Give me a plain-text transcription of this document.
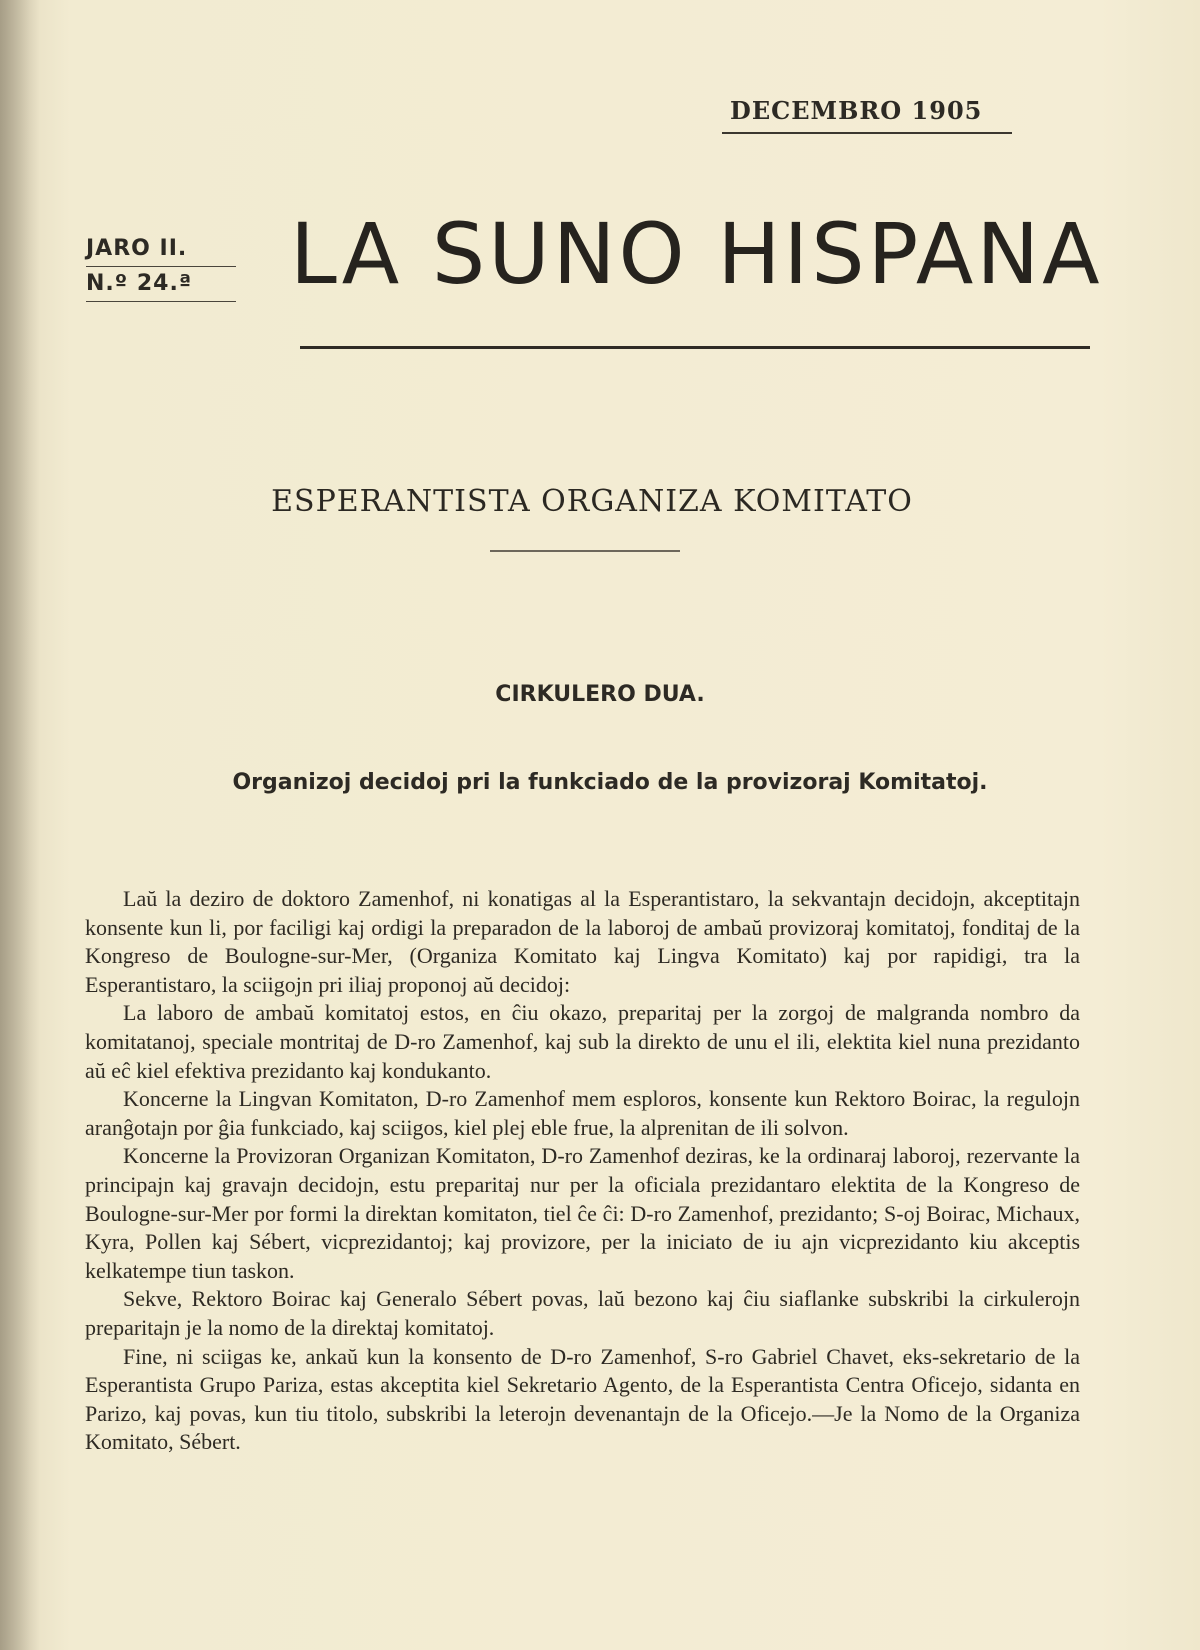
DECEMBRO 1905
JARO II.
N.º 24.ª	LA SUNO HISPANA
ESPERANTISTA ORGANIZA KOMITATO
CIRKULERO DUA.
Organizoj decidoj pri la funkciado de la provizoraj Komitatoj.

Laŭ la deziro de doktoro Zamenhof, ni konatigas al la Esperantistaro, la sekvantajn decidojn, akceptitajn konsente kun li, por faciligi kaj ordigi la preparadon de la laboroj de ambaŭ provizoraj komitatoj, fonditaj de la Kongreso de Boulogne-sur-Mer, (Organiza Komitato kaj Lingva Komitato) kaj por rapidigi, tra la Esperantistaro, la sciigojn pri iliaj proponoj aŭ decidoj:

La laboro de ambaŭ komitatoj estos, en ĉiu okazo, preparitaj per la zorgoj de malgranda nombro da komitatanoj, speciale montritaj de D-ro Zamenhof, kaj sub la direkto de unu el ili, elektita kiel nuna prezidanto aŭ eĉ kiel efektiva prezidanto kaj kondukanto.

Koncerne la Lingvan Komitaton, D-ro Zamenhof mem esploros, konsente kun Rektoro Boirac, la regulojn aranĝotajn por ĝia funkciado, kaj sciigos, kiel plej eble frue, la alprenitan de ili solvon.

Koncerne la Provizoran Organizan Komitaton, D-ro Zamenhof deziras, ke la ordinaraj laboroj, rezervante la principajn kaj gravajn decidojn, estu preparitaj nur per la oficiala prezidantaro elektita de la Kongreso de Boulogne-sur-Mer por formi la direktan komitaton, tiel ĉe ĉi: D-ro Zamenhof, prezidanto; S-oj Boirac, Michaux, Kyra, Pollen kaj Sébert, vicprezidantoj; kaj provizore, per la iniciato de iu ajn vicprezidanto kiu akceptis kelkatempe tiun taskon.

Sekve, Rektoro Boirac kaj Generalo Sébert povas, laŭ bezono kaj ĉiu siaflanke subskribi la cirkulerojn preparitajn je la nomo de la direktaj komitatoj.

Fine, ni sciigas ke, ankaŭ kun la konsento de D-ro Zamenhof, S-ro Gabriel Chavet, eks-sekretario de la Esperantista Grupo Pariza, estas akceptita kiel Sekretario Agento, de la Esperantista Centra Oficejo, sidanta en Parizo, kaj povas, kun tiu titolo, subskribi la leterojn devenantajn de la Oficejo.—Je la Nomo de la Organiza Komitato, Sébert.
